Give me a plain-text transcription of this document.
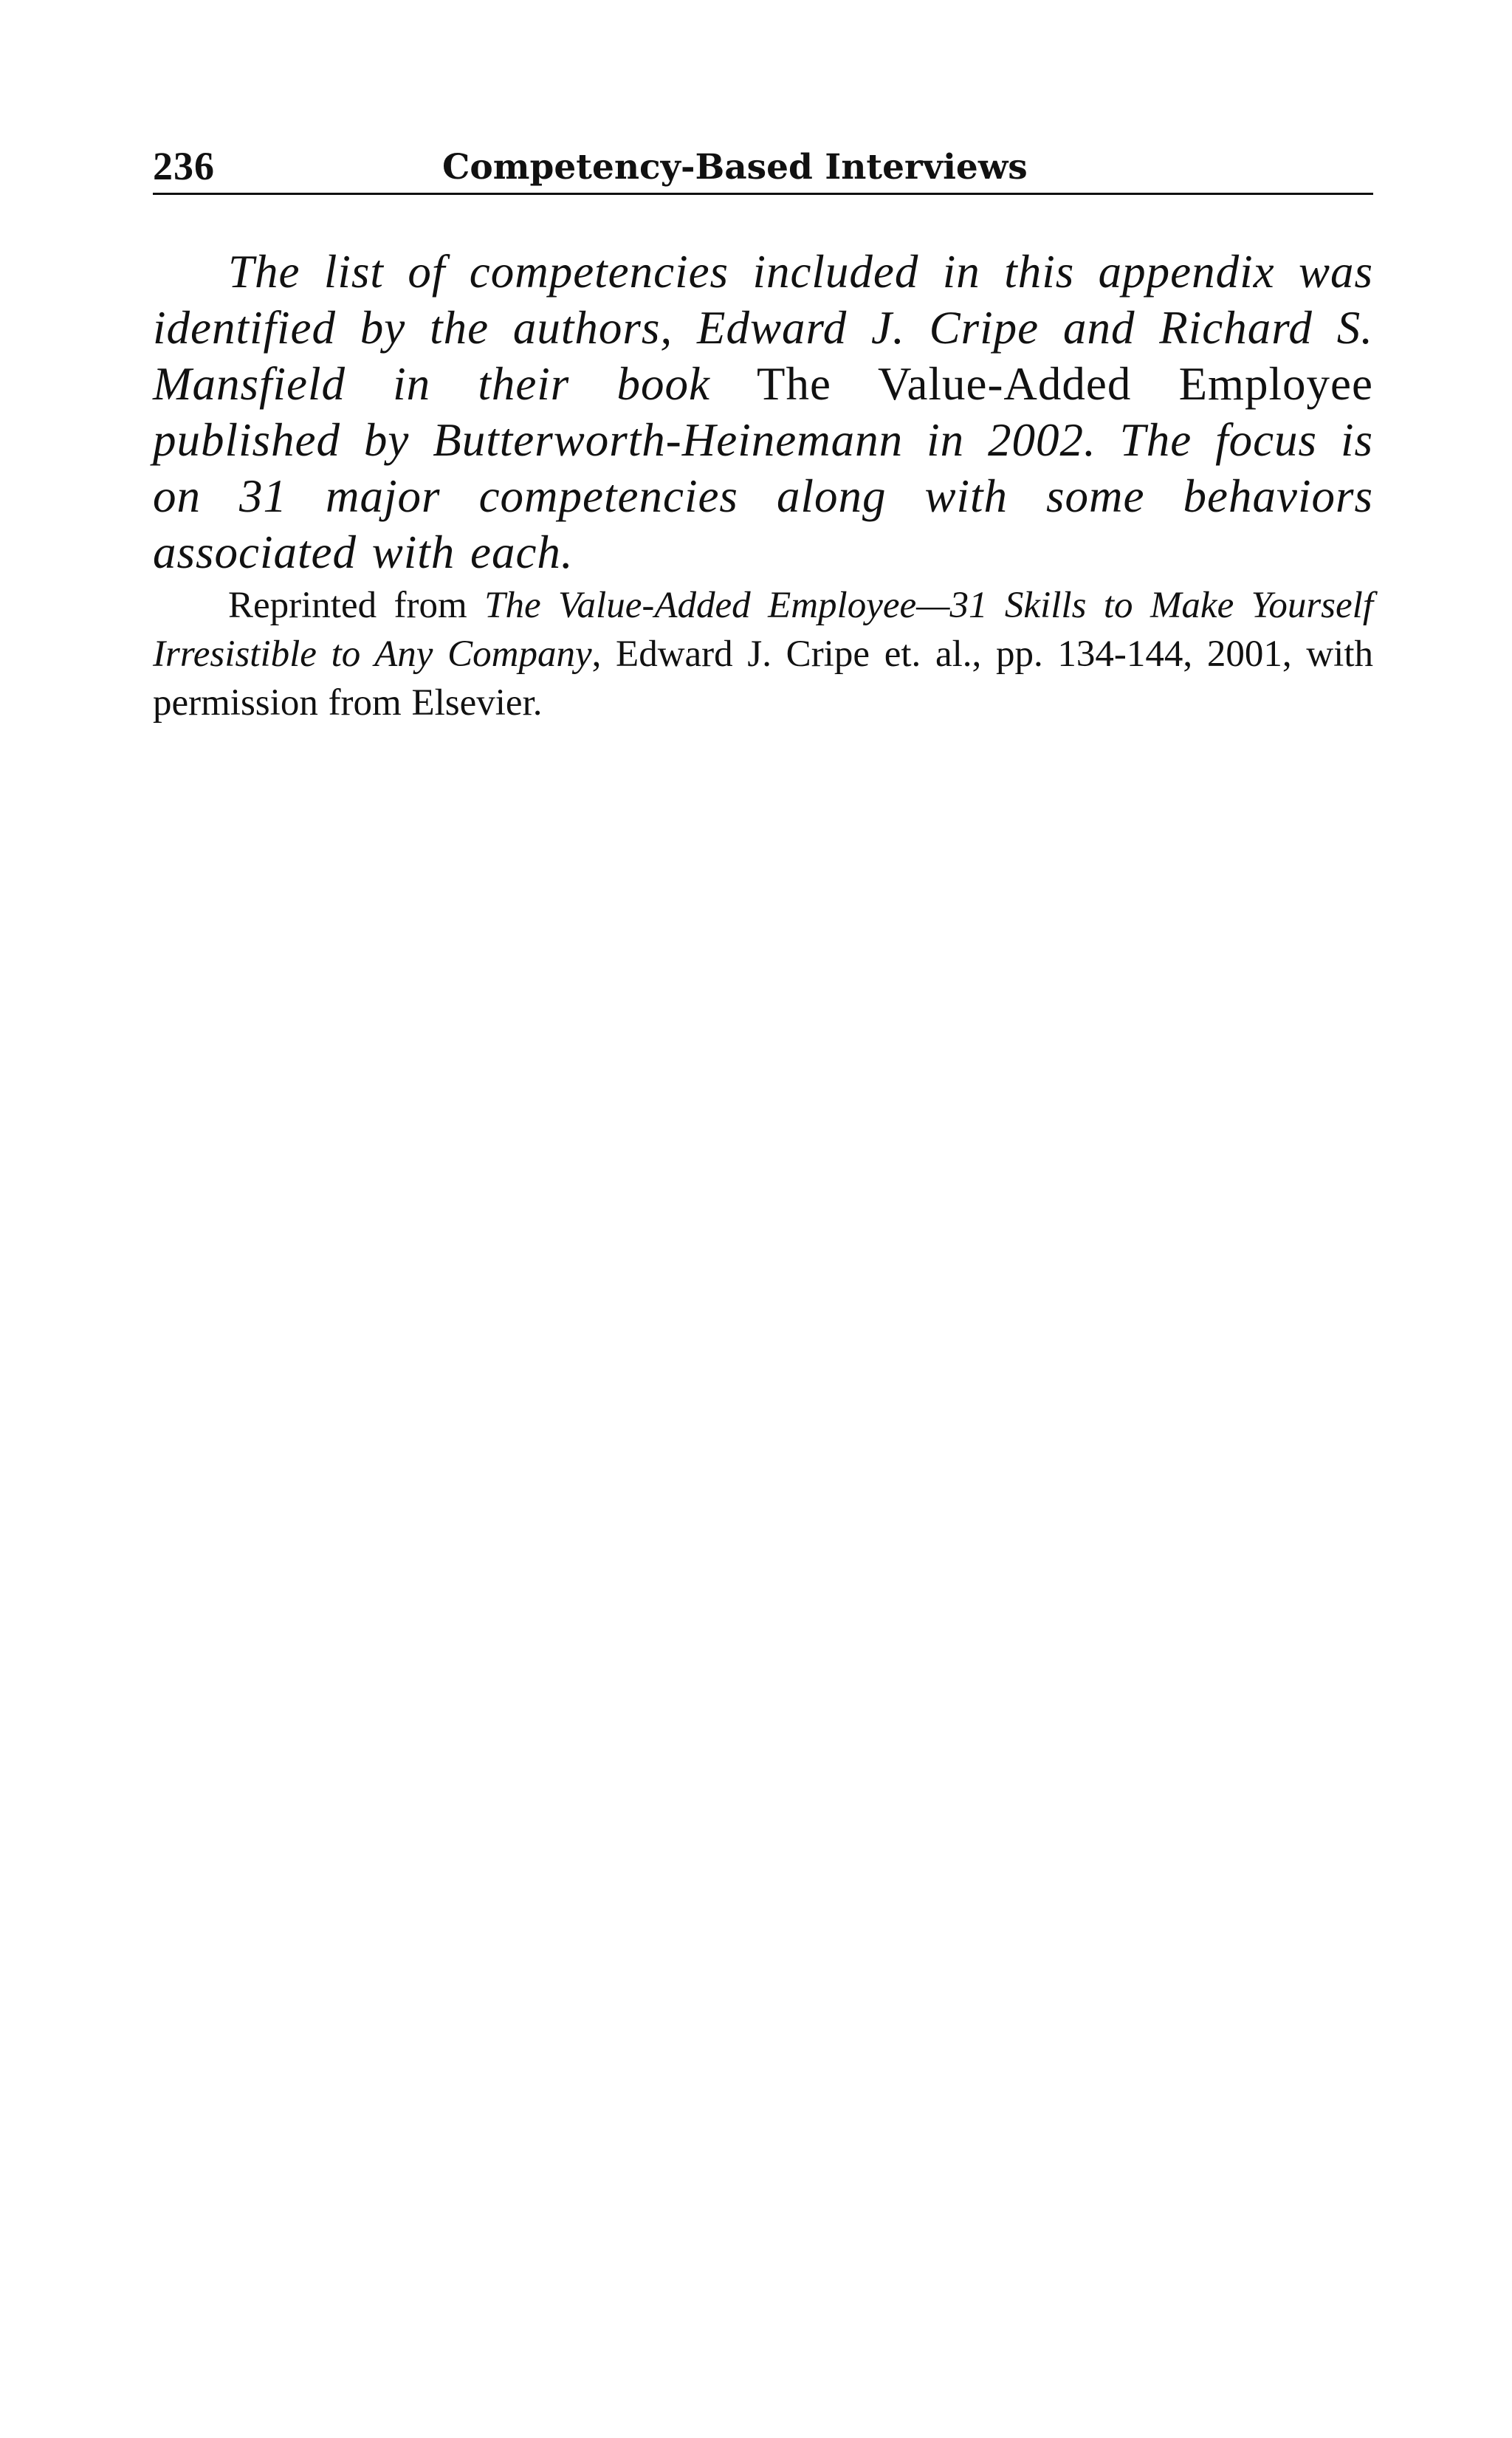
236	Competency-Based Interviews

The list of competencies included in this appendix was identified by the authors, Edward J. Cripe and Richard S. Mansfield in their book The Value-Added Employee published by Butterworth-Heinemann in 2002. The focus is on 31 major competencies along with some behaviors associated with each.

Reprinted from The Value-Added Employee—31 Skills to Make Yourself Irresistible to Any Company, Edward J. Cripe et. al., pp. 134-144, 2001, with permission from Elsevier.
